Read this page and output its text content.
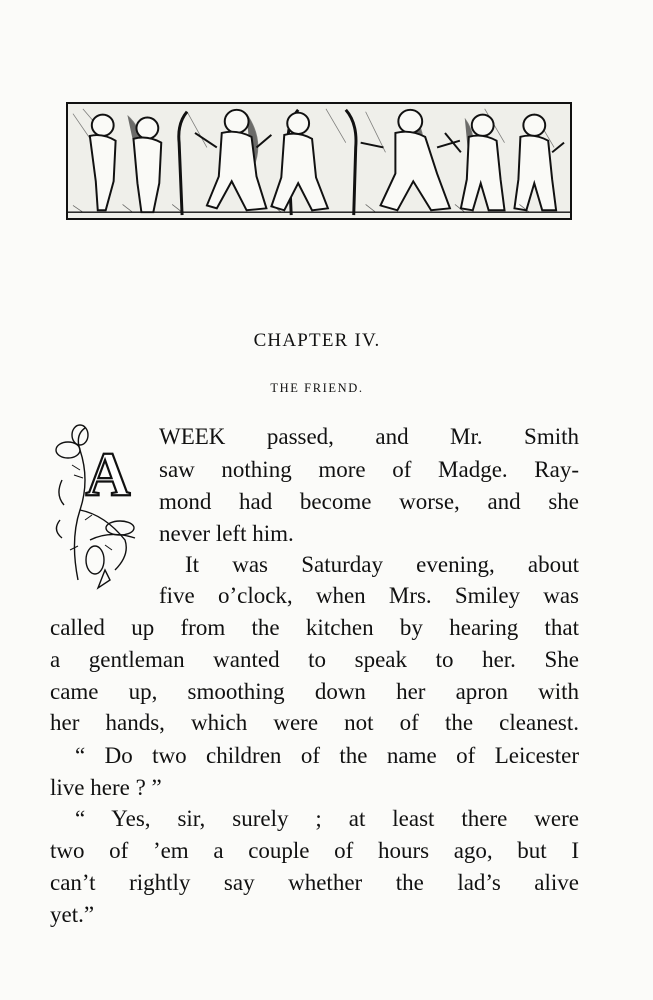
CHAPTER IV.
THE FRIEND.
A
WEEK passed, and Mr. Smith
saw nothing more of Madge. Ray-
mond had become worse, and she
never left him.
It was Saturday evening, about
five o’clock, when Mrs. Smiley was
called up from the kitchen by hearing that
a gentleman wanted to speak to her. She
came up, smoothing down her apron with
her hands, which were not of the cleanest.
“ Do two children of the name of Leicester
live here ? ”
“ Yes, sir, surely ; at least there were
two of ’em a couple of hours ago, but I
can’t rightly say whether the lad’s alive
yet.”
